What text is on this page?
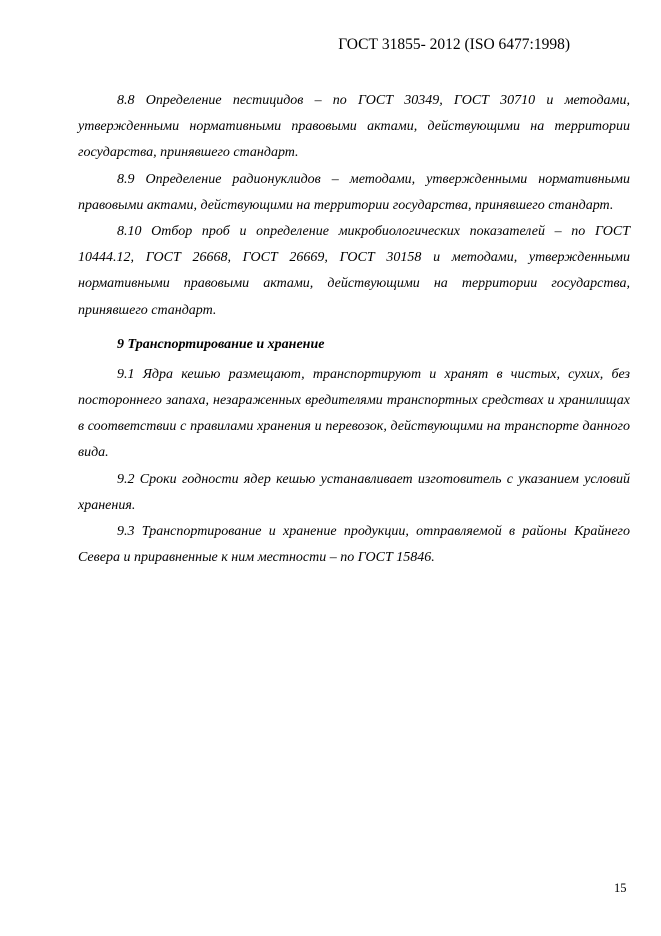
ГОСТ 31855- 2012 (ISO 6477:1998)

8.8 Определение пестицидов – по ГОСТ 30349, ГОСТ 30710 и методами, утвержденными нормативными правовыми актами, действующими на территории государства, принявшего стандарт.

8.9 Определение радионуклидов – методами, утвержденными нормативными правовыми актами, действующими на территории государства, принявшего стандарт.

8.10 Отбор проб и определение микробиологических показателей – по ГОСТ 10444.12, ГОСТ 26668, ГОСТ 26669, ГОСТ 30158 и методами, утвержденными нормативными правовыми актами, действующими на территории государства, принявшего стандарт.

9 Транспортирование и хранение

9.1 Ядра кешью размещают, транспортируют и хранят в чистых, сухих, без постороннего запаха, незараженных вредителями транспортных средствах и хранилищах в соответствии с правилами хранения и перевозок, действующими на транспорте данного вида.

9.2 Сроки годности ядер кешью устанавливает изготовитель с указанием условий хранения.

9.3 Транспортирование и хранение продукции, отправляемой в районы Крайнего Севера и приравненные к ним местности – по ГОСТ 15846.

15
